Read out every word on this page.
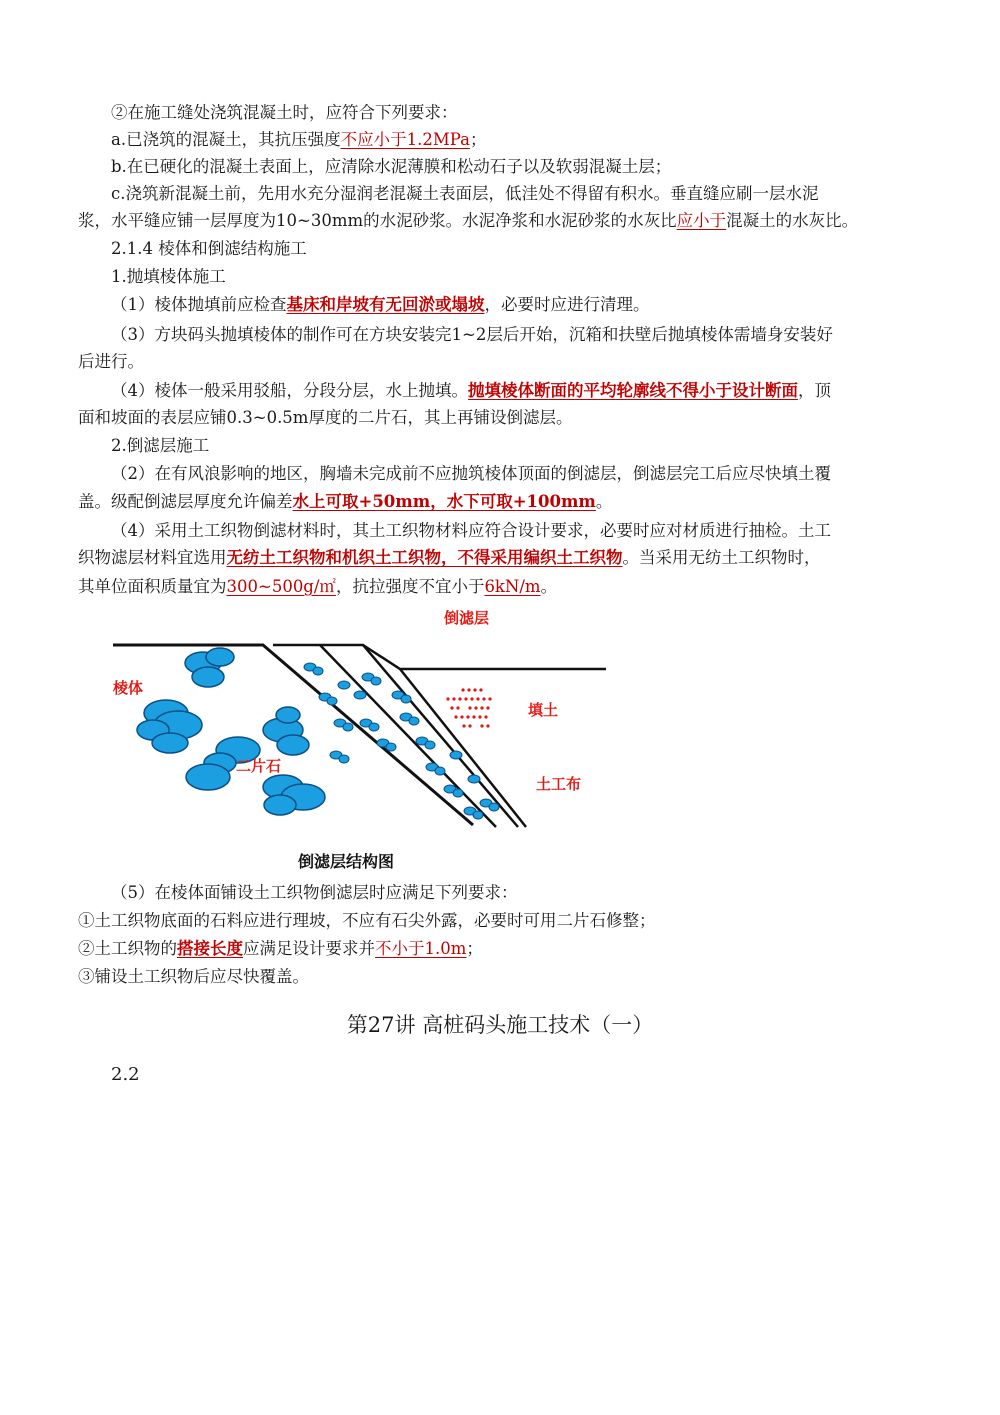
②在施工缝处浇筑混凝土时，应符合下列要求：
a.已浇筑的混凝土，其抗压强度不应小于1.2MPa；
b.在已硬化的混凝土表面上，应清除水泥薄膜和松动石子以及软弱混凝土层；
c.浇筑新混凝土前，先用水充分湿润老混凝土表面层，低洼处不得留有积水。垂直缝应刷一层水泥
浆，水平缝应铺一层厚度为10~30mm的水泥砂浆。水泥净浆和水泥砂浆的水灰比应小于混凝土的水灰比。
2.1.4 棱体和倒滤结构施工
1.抛填棱体施工
（1）棱体抛填前应检查基床和岸坡有无回淤或塌坡，必要时应进行清理。
（3）方块码头抛填棱体的制作可在方块安装完1~2层后开始，沉箱和扶壁后抛填棱体需墙身安装好
后进行。
（4）棱体一般采用驳船，分段分层，水上抛填。抛填棱体断面的平均轮廓线不得小于设计断面，顶
面和坡面的表层应铺0.3~0.5m厚度的二片石，其上再铺设倒滤层。
2.倒滤层施工
（2）在有风浪影响的地区，胸墙未完成前不应抛筑棱体顶面的倒滤层，倒滤层完工后应尽快填土覆
盖。级配倒滤层厚度允许偏差水上可取+50mm，水下可取+100mm。
（4）采用土工织物倒滤材料时，其土工织物材料应符合设计要求，必要时应对材质进行抽检。土工
织物滤层材料宜选用无纺土工织物和机织土工织物，不得采用编织土工织物。当采用无纺土工织物时，
其单位面积质量宜为300~500g/㎡，抗拉强度不宜小于6kN/m。
倒滤层
棱体
填土
二片石
土工布
倒滤层结构图
（5）在棱体面铺设土工织物倒滤层时应满足下列要求：
①土工织物底面的石料应进行理坡，不应有石尖外露，必要时可用二片石修整；
②土工织物的搭接长度应满足设计要求并不小于1.0m；
③铺设土工织物后应尽快覆盖。
第27讲 高桩码头施工技术（一）
2.2
